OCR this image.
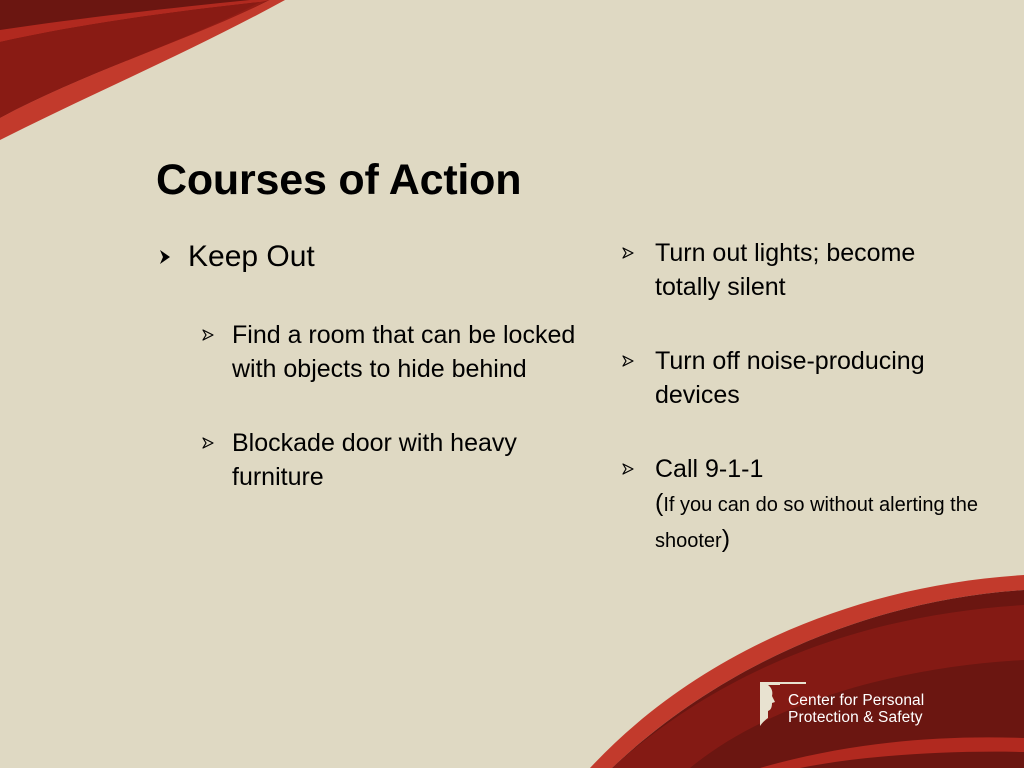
Courses of Action
Keep Out
Find a room that can be locked with objects to hide behind
Blockade door with heavy furniture
Turn out lights; become totally silent
Turn off noise-producing devices
Call 9-1-1
(If you can do so without alerting the shooter)
Center for Personal
Protection & Safety
